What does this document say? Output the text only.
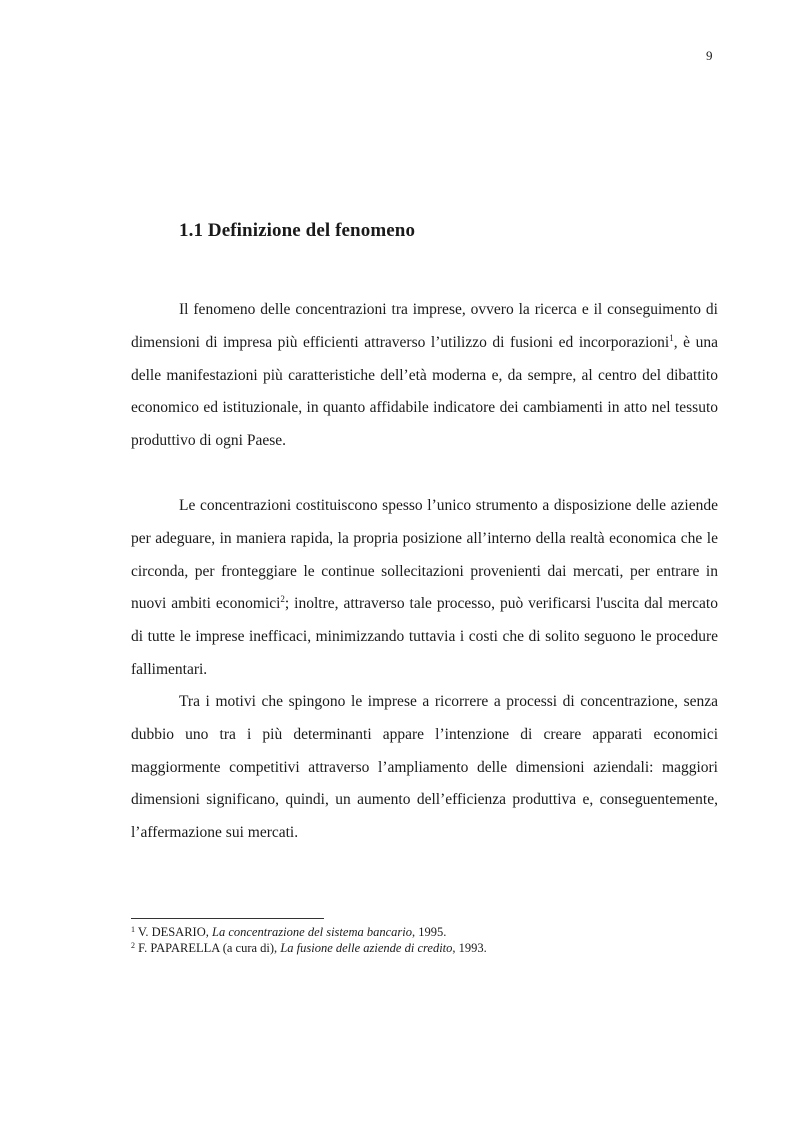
9
1.1 Definizione del fenomeno

Il fenomeno delle concentrazioni tra imprese, ovvero la ricerca e il conseguimento di dimensioni di impresa più efficienti attraverso l’utilizzo di fusioni ed incorporazioni$^1$, è una delle manifestazioni più caratteristiche dell’età moderna e, da sempre, al centro del dibattito economico ed istituzionale, in quanto affidabile indicatore dei cambiamenti in atto nel tessuto produttivo di ogni Paese.

Le concentrazioni costituiscono spesso l’unico strumento a disposizione delle aziende per adeguare, in maniera rapida, la propria posizione all’interno della realtà economica che le circonda, per fronteggiare le continue sollecitazioni provenienti dai mercati, per entrare in nuovi ambiti economici$^2$; inoltre, attraverso tale processo, può verificarsi l'uscita dal mercato di tutte le imprese inefficaci, minimizzando tuttavia i costi che di solito seguono le procedure fallimentari.

Tra i motivi che spingono le imprese a ricorrere a processi di concentrazione, senza dubbio uno tra i più determinanti appare l’intenzione di creare apparati economici maggiormente competitivi attraverso l’ampliamento delle dimensioni aziendali: maggiori dimensioni significano, quindi, un aumento dell’efficienza produttiva e, conseguentemente, l’affermazione sui mercati.

$^1$ V. DESARIO, La concentrazione del sistema bancario, 1995.
$^2$ F. PAPARELLA (a cura di), La fusione delle aziende di credito, 1993.
